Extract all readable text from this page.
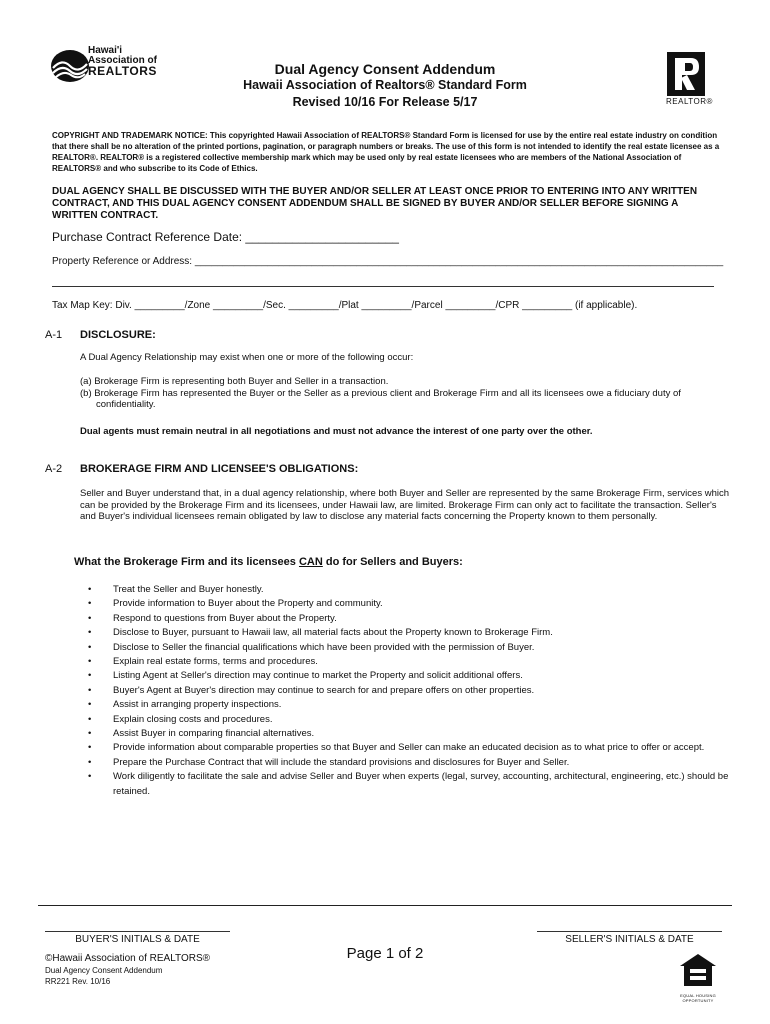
Hawai'i
Association of
REALTORS	Dual Agency Consent Addendum
Hawaii Association of Realtors® Standard Form
Revised 10/16 For Release 5/17	REALTOR®
COPYRIGHT AND TRADEMARK NOTICE: This copyrighted Hawaii Association of REALTORS® Standard Form is licensed for use by the entire real estate industry on condition that there shall be no alteration of the printed portions, pagination, or paragraph numbers or breaks. The use of this form is not intended to identify the real estate licensee as a REALTOR®. REALTOR® is a registered collective membership mark which may be used only by real estate licensees who are members of the National Association of REALTORS® and who subscribe to its Code of Ethics.
DUAL AGENCY SHALL BE DISCUSSED WITH THE BUYER AND/OR SELLER AT LEAST ONCE PRIOR TO ENTERING INTO ANY WRITTEN CONTRACT, AND THIS DUAL AGENCY CONSENT ADDENDUM SHALL BE SIGNED BY BUYER AND/OR SELLER BEFORE SIGNING A WRITTEN CONTRACT.
Purchase Contract Reference Date: _______________________
Property Reference or Address: _______________________________________________________________________________________________
Tax Map Key: Div. _________/Zone _________/Sec. _________/Plat _________/Parcel _________/CPR _________ (if applicable).
A-1 DISCLOSURE:
A Dual Agency Relationship may exist when one or more of the following occur:
(a) Brokerage Firm is representing both Buyer and Seller in a transaction.
(b) Brokerage Firm has represented the Buyer or the Seller as a previous client and Brokerage Firm and all its licensees owe a fiduciary duty of
confidentiality.
Dual agents must remain neutral in all negotiations and must not advance the interest of one party over the other.
A-2 BROKERAGE FIRM AND LICENSEE'S OBLIGATIONS:
Seller and Buyer understand that, in a dual agency relationship, where both Buyer and Seller are represented by the same Brokerage Firm, services which can be provided by the Brokerage Firm and its licensees, under Hawaii law, are limited. Brokerage Firm can only act to facilitate the transaction. Seller's and Buyer's individual licensees remain obligated by law to disclose any material facts concerning the Property known to them personally.
What the Brokerage Firm and its licensees CAN do for Sellers and Buyers:
• Treat the Seller and Buyer honestly.
• Provide information to Buyer about the Property and community.
• Respond to questions from Buyer about the Property.
• Disclose to Buyer, pursuant to Hawaii law, all material facts about the Property known to Brokerage Firm.
• Disclose to Seller the financial qualifications which have been provided with the permission of Buyer.
• Explain real estate forms, terms and procedures.
• Listing Agent at Seller's direction may continue to market the Property and solicit additional offers.
• Buyer's Agent at Buyer's direction may continue to search for and prepare offers on other properties.
• Assist in arranging property inspections.
• Explain closing costs and procedures.
• Assist Buyer in comparing financial alternatives.
• Provide information about comparable properties so that Buyer and Seller can make an educated decision as to what price to offer or accept.
• Prepare the Purchase Contract that will include the standard provisions and disclosures for Buyer and Seller.
• Work diligently to facilitate the sale and advise Seller and Buyer when experts (legal, survey, accounting, architectural, engineering, etc.) should be retained.
BUYER'S INITIALS & DATE	SELLER'S INITIALS & DATE
©Hawaii Association of REALTORS®
Dual Agency Consent Addendum
RR221 Rev. 10/16
Page 1 of 2
EQUAL HOUSING OPPORTUNITY
